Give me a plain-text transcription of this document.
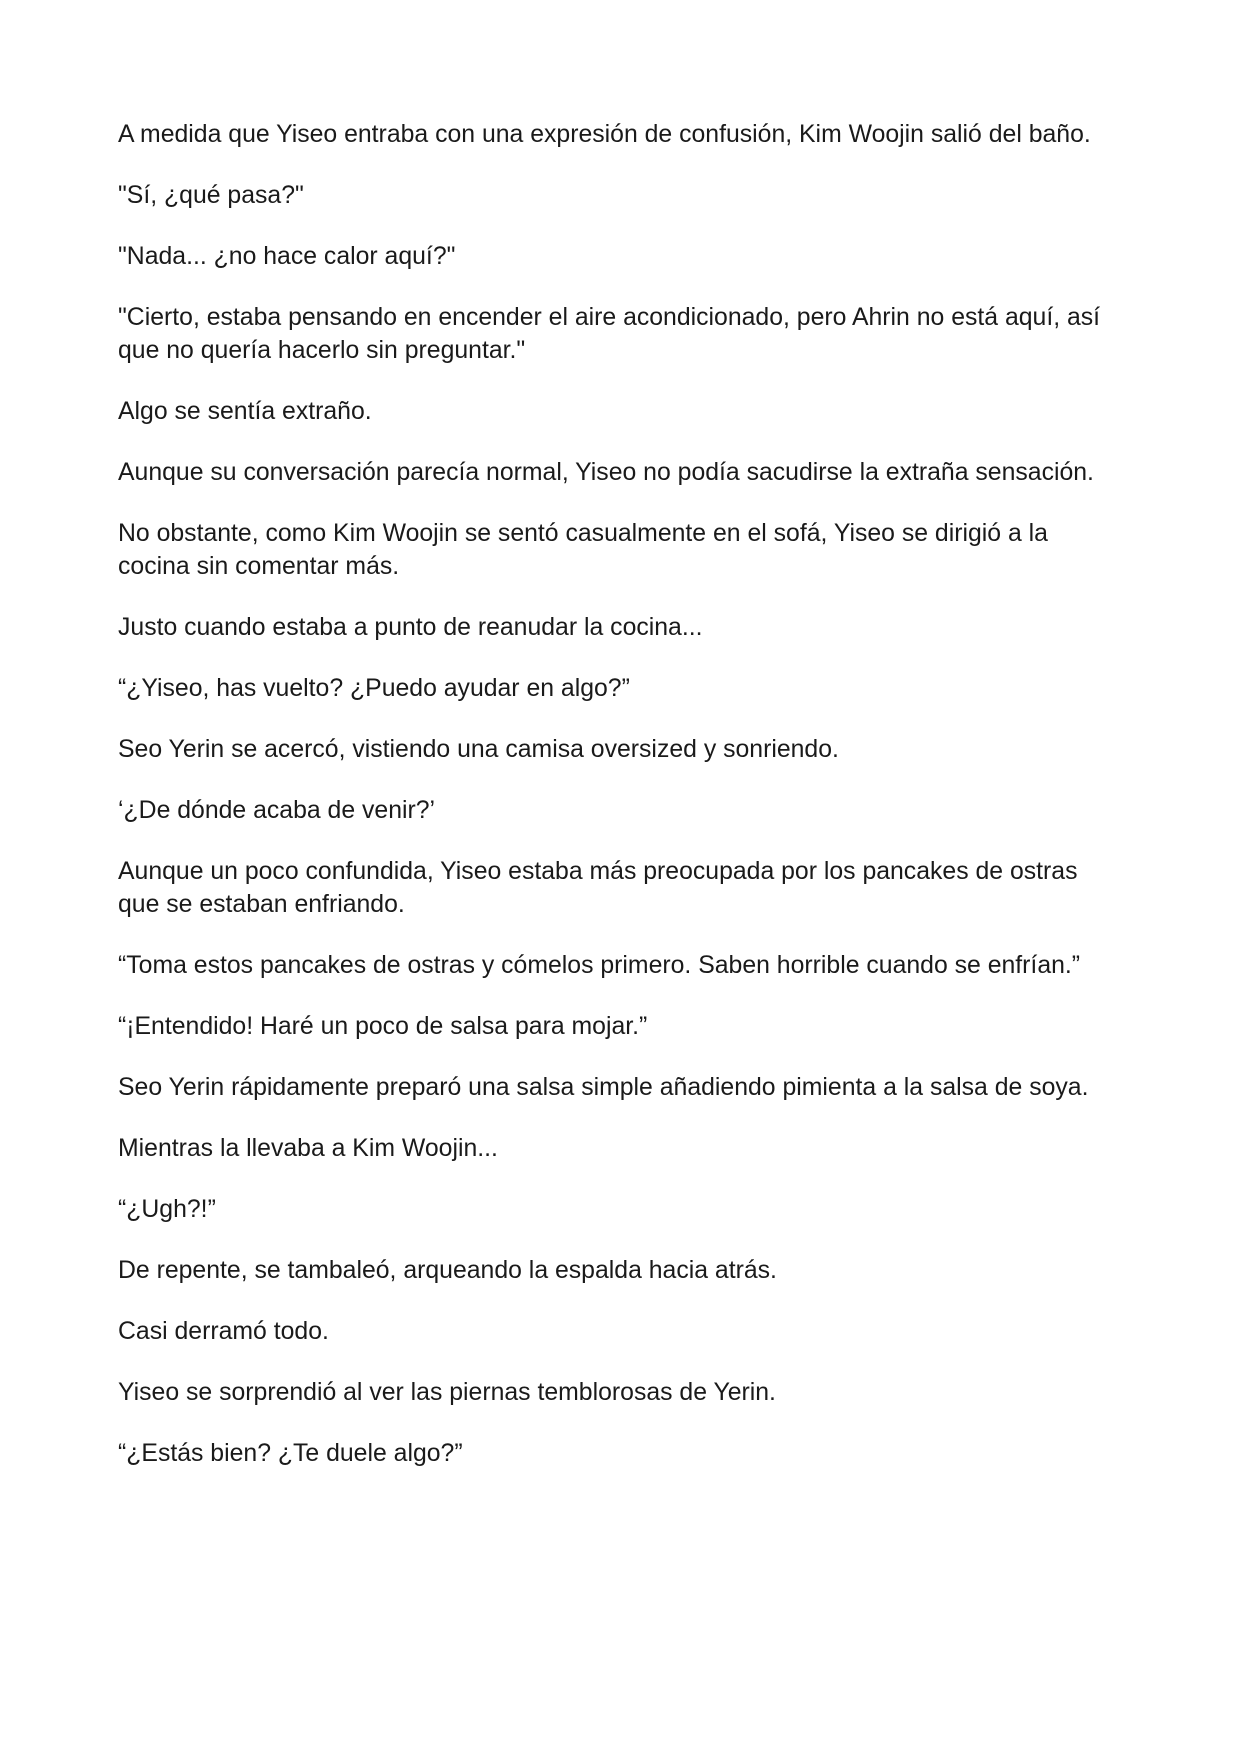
A medida que Yiseo entraba con una expresión de confusión, Kim Woojin salió del baño.

"Sí, ¿qué pasa?"

"Nada... ¿no hace calor aquí?"

"Cierto, estaba pensando en encender el aire acondicionado, pero Ahrin no está aquí, así que no quería hacerlo sin preguntar."

Algo se sentía extraño.

Aunque su conversación parecía normal, Yiseo no podía sacudirse la extraña sensación.

No obstante, como Kim Woojin se sentó casualmente en el sofá, Yiseo se dirigió a la cocina sin comentar más.

Justo cuando estaba a punto de reanudar la cocina...

“¿Yiseo, has vuelto? ¿Puedo ayudar en algo?”

Seo Yerin se acercó, vistiendo una camisa oversized y sonriendo.

‘¿De dónde acaba de venir?’

Aunque un poco confundida, Yiseo estaba más preocupada por los pancakes de ostras que se estaban enfriando.

“Toma estos pancakes de ostras y cómelos primero. Saben horrible cuando se enfrían.”

“¡Entendido! Haré un poco de salsa para mojar.”

Seo Yerin rápidamente preparó una salsa simple añadiendo pimienta a la salsa de soya.

Mientras la llevaba a Kim Woojin...

“¿Ugh?!”

De repente, se tambaleó, arqueando la espalda hacia atrás.

Casi derramó todo.

Yiseo se sorprendió al ver las piernas temblorosas de Yerin.

“¿Estás bien? ¿Te duele algo?”
